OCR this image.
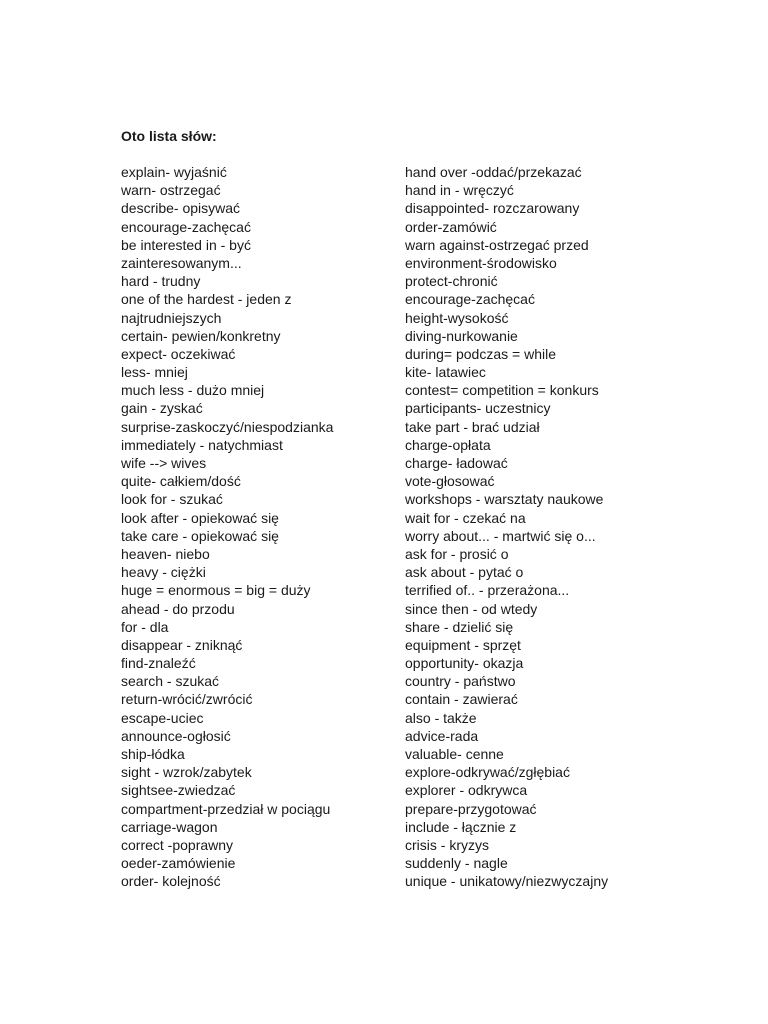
Oto lista słów:

explain- wyjaśnić
warn- ostrzegać
describe- opisywać
encourage-zachęcać
be interested in - być
zainteresowanym...
hard - trudny
one of the hardest - jeden z
najtrudniejszych
certain- pewien/konkretny
expect- oczekiwać
less- mniej
much less - dużo mniej
gain - zyskać
surprise-zaskoczyć/niespodzianka
immediately - natychmiast
wife --> wives
quite- całkiem/dość
look for - szukać
look after - opiekować się
take care - opiekować się
heaven- niebo
heavy - ciężki
huge = enormous = big = duży
ahead - do przodu
for - dla
disappear - zniknąć
find-znaleźć
search - szukać
return-wrócić/zwrócić
escape-uciec
announce-ogłosić
ship-łódka
sight - wzrok/zabytek
sightsee-zwiedzać
compartment-przedział w pociągu
carriage-wagon
correct -poprawny
oeder-zamówienie
order- kolejność
hand over -oddać/przekazać
hand in - wręczyć
disappointed- rozczarowany
order-zamówić
warn against-ostrzegać przed
environment-środowisko
protect-chronić
encourage-zachęcać
height-wysokość
diving-nurkowanie
during= podczas = while
kite- latawiec
contest= competition = konkurs
participants- uczestnicy
take part - brać udział
charge-opłata
charge- ładować
vote-głosować
workshops - warsztaty naukowe
wait for - czekać na
worry about... - martwić się o...
ask for - prosić o
ask about - pytać o
terrified of.. - przerażona...
since then - od wtedy
share - dzielić się
equipment - sprzęt
opportunity- okazja
country - państwo
contain - zawierać
also - także
advice-rada
valuable- cenne
explore-odkrywać/zgłębiać
explorer - odkrywca
prepare-przygotować
include - łącznie z
crisis - kryzys
suddenly - nagle
unique - unikatowy/niezwyczajny
